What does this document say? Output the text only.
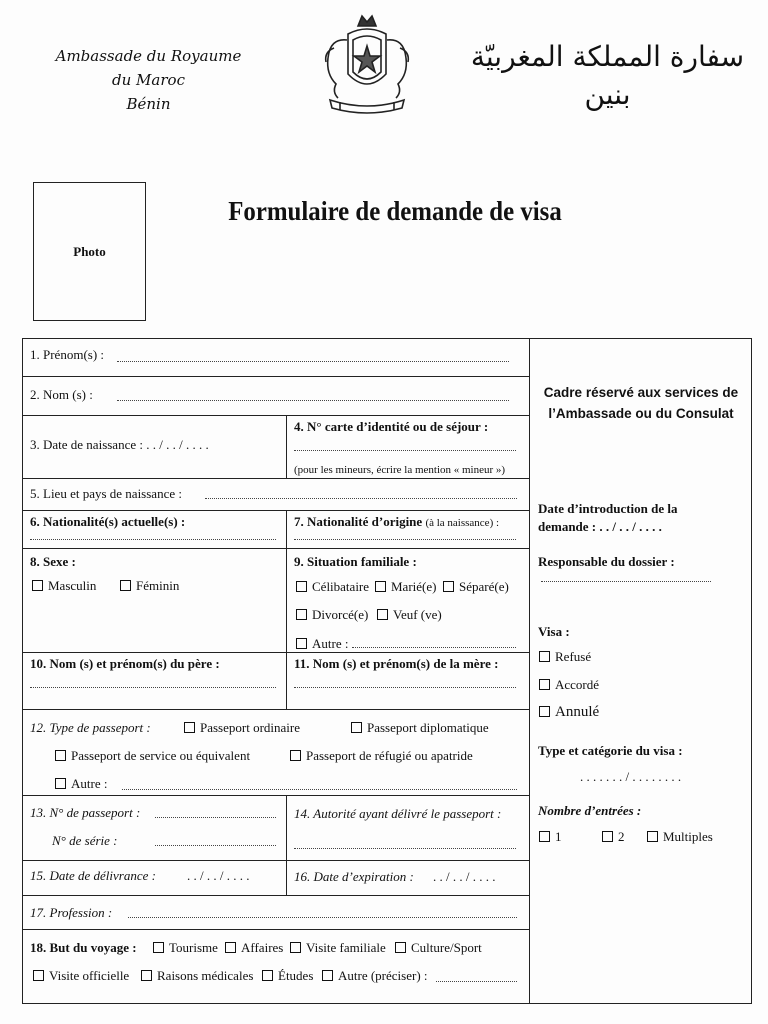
Ambassade du Royaume
du Maroc
Bénin
سفارة المملكة المغربيّة
بنين
Photo
Formulaire de demande de visa
1. Prénom(s) :
2. Nom (s) :
3. Date de naissance : . . / . . / . . . .
4. N° carte d’identité ou de séjour :
(pour les mineurs, écrire la mention « mineur »)
5. Lieu et pays de naissance :
6. Nationalité(s) actuelle(s) :	7. Nationalité d’origine (à la naissance) :
8. Sexe :
Masculin	Féminin
9. Situation familiale :
Célibataire	Marié(e)	Séparé(e)
Divorcé(e)	Veuf (ve)
Autre :
10. Nom (s) et prénom(s) du père :	11. Nom (s) et prénom(s) de la mère :
12. Type de passeport :	Passeport ordinaire	Passeport diplomatique
Passeport de service ou équivalent	Passeport de réfugié ou apatride
Autre :
13. N° de passeport :
N° de série :
14. Autorité ayant délivré le passeport :
15. Date de délivrance : . . / . . / . . . .	16. Date d’expiration : . . / . . / . . . .
17. Profession :
18. But du voyage :	Tourisme	Affaires	Visite familiale	Culture/Sport
Visite officielle	Raisons médicales	Études	Autre (préciser) :
Cadre réservé aux services de l’Ambassade ou du Consulat
Date d’introduction de la
demande : . . / . . / . . . .
Responsable du dossier :
Visa :
Refusé
Accordé
Annulé
Type et catégorie du visa :
. . . . . . . / . . . . . . . .
Nombre d’entrées :
1	2	Multiples
